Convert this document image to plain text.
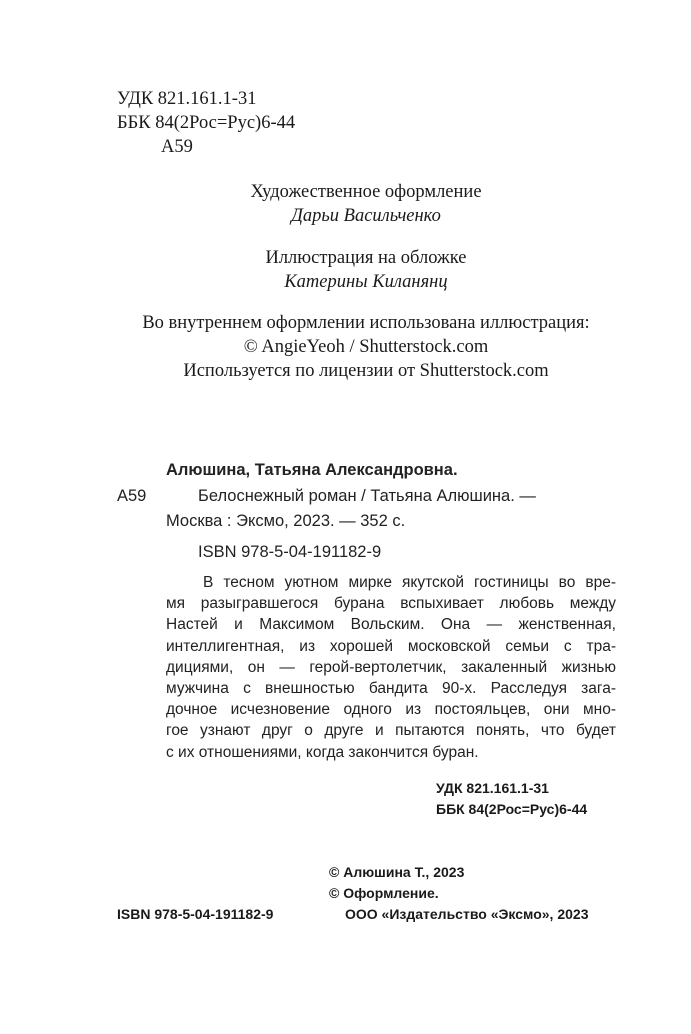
УДК 821.161.1-31
ББК 84(2Рос=Рус)6-44
А59
Художественное оформление
Дарьи Васильченко
Иллюстрация на обложке
Катерины Киланянц
Во внутреннем оформлении использована иллюстрация:
© AngieYeoh / Shutterstock.com
Используется по лицензии от Shutterstock.com
Алюшина, Татьяна Александровна.
А59	Белоснежный роман / Татьяна Алюшина. —
Москва : Эксмо, 2023. — 352 с.
ISBN 978-5-04-191182-9
В тесном уютном мирке якутской гостиницы во вре-
мя разыгравшегося бурана вспыхивает любовь между
Настей и Максимом Вольским. Она — женственная,
интеллигентная, из хорошей московской семьи с тра-
дициями, он — герой-вертолетчик, закаленный жизнью
мужчина с внешностью бандита 90-х. Расследуя зага-
дочное исчезновение одного из постояльцев, они мно-
гое узнают друг о друге и пытаются понять, что будет
с их отношениями, когда закончится буран.
УДК 821.161.1-31
ББК 84(2Рос=Рус)6-44
© Алюшина Т., 2023
© Оформление.
ISBN 978-5-04-191182-9	ООО «Издательство «Эксмо», 2023
